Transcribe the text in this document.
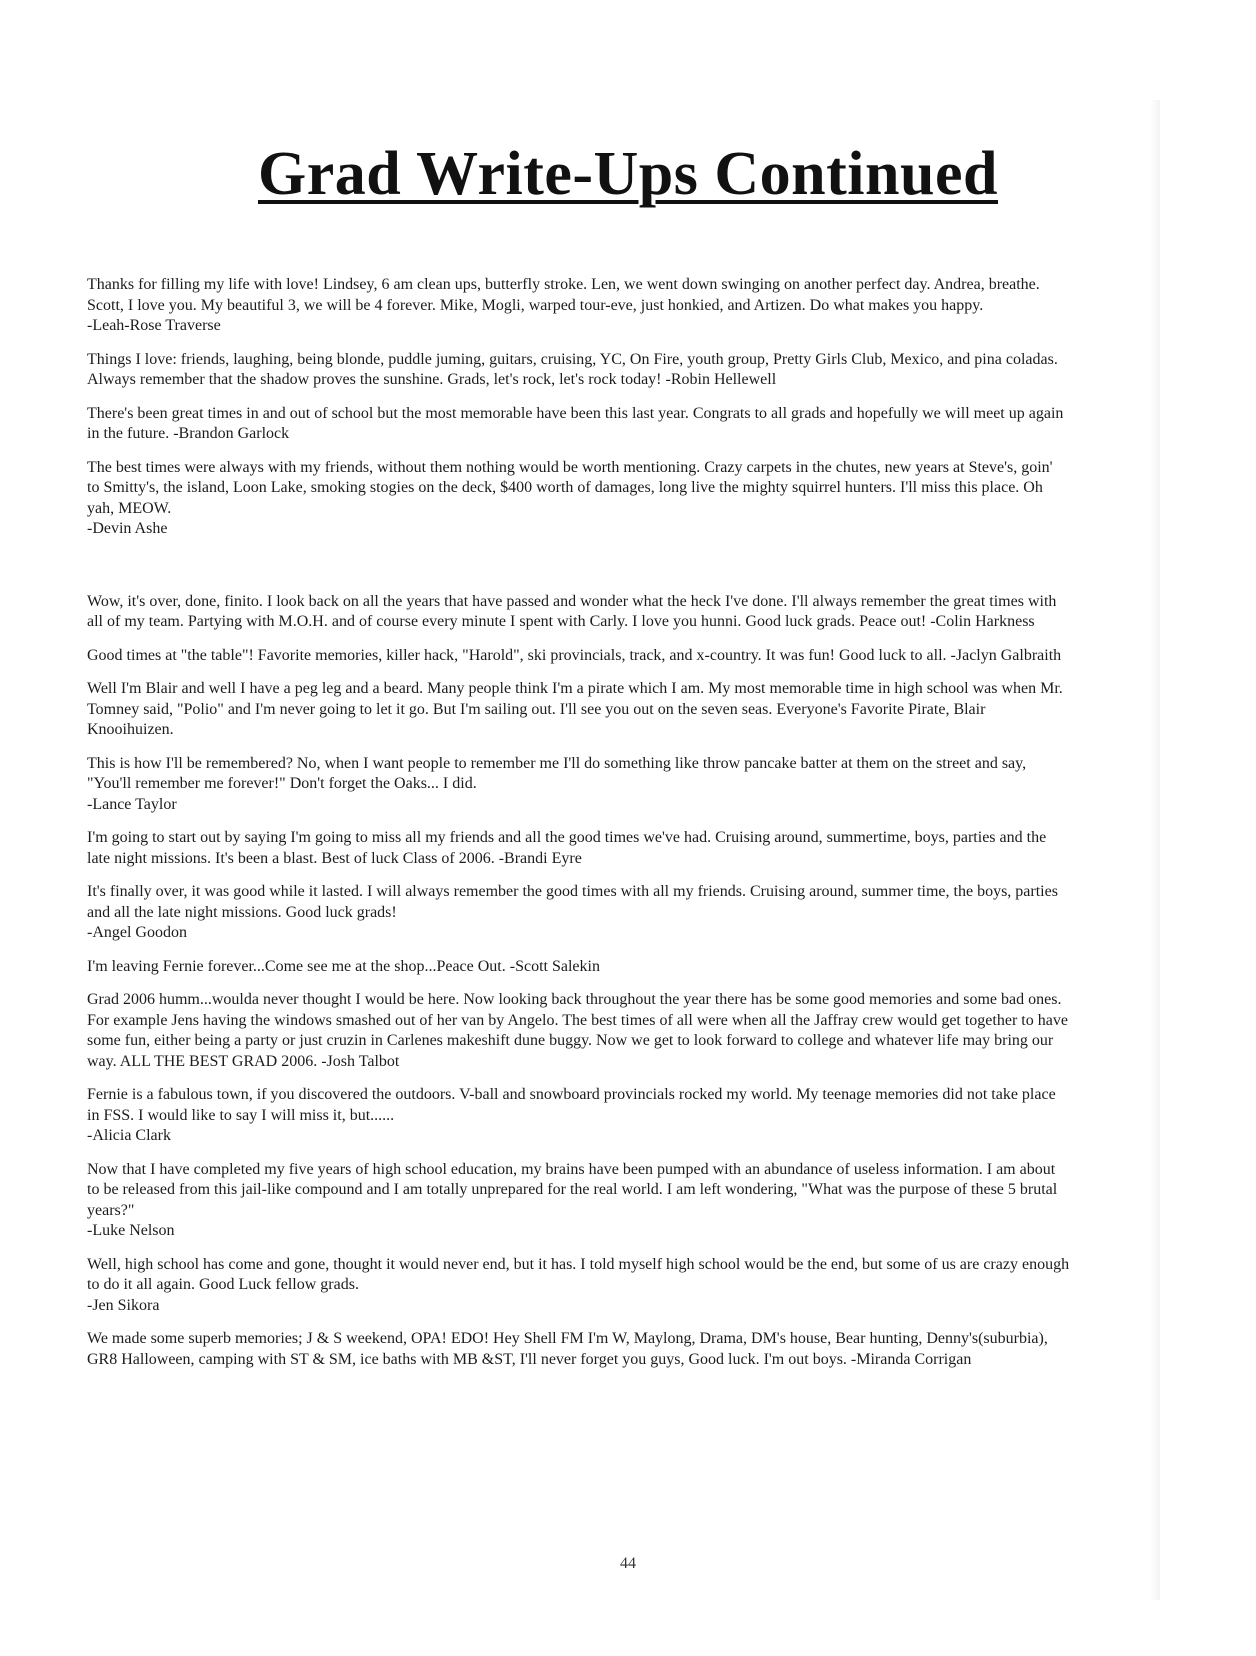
Grad Write-Ups Continued

Thanks for filling my life with love! Lindsey, 6 am clean ups, butterfly stroke. Len, we went down swinging on another perfect day. Andrea, breathe.
Scott, I love you. My beautiful 3, we will be 4 forever. Mike, Mogli, warped tour-eve, just honkied, and Artizen. Do what makes you happy.
-Leah-Rose Traverse

Things I love: friends, laughing, being blonde, puddle juming, guitars, cruising, YC, On Fire, youth group, Pretty Girls Club, Mexico, and pina coladas.
Always remember that the shadow proves the sunshine. Grads, let's rock, let's rock today! -Robin Hellewell

There's been great times in and out of school but the most memorable have been this last year. Congrats to all grads and hopefully we will meet up again
in the future. -Brandon Garlock

The best times were always with my friends, without them nothing would be worth mentioning. Crazy carpets in the chutes, new years at Steve's, goin'
to Smitty's, the island, Loon Lake, smoking stogies on the deck, $400 worth of damages, long live the mighty squirrel hunters. I'll miss this place. Oh
yah, MEOW.
-Devin Ashe

Wow, it's over, done, finito. I look back on all the years that have passed and wonder what the heck I've done. I'll always remember the great times with
all of my team. Partying with M.O.H. and of course every minute I spent with Carly. I love you hunni. Good luck grads. Peace out! -Colin Harkness

Good times at "the table"! Favorite memories, killer hack, "Harold", ski provincials, track, and x-country. It was fun! Good luck to all. -Jaclyn Galbraith

Well I'm Blair and well I have a peg leg and a beard. Many people think I'm a pirate which I am. My most memorable time in high school was when Mr.
Tomney said, "Polio" and I'm never going to let it go. But I'm sailing out. I'll see you out on the seven seas. Everyone's Favorite Pirate, Blair
Knooihuizen.

This is how I'll be remembered? No, when I want people to remember me I'll do something like throw pancake batter at them on the street and say,
"You'll remember me forever!" Don't forget the Oaks... I did.
-Lance Taylor

I'm going to start out by saying I'm going to miss all my friends and all the good times we've had. Cruising around, summertime, boys, parties and the
late night missions. It's been a blast. Best of luck Class of 2006. -Brandi Eyre

It's finally over, it was good while it lasted. I will always remember the good times with all my friends. Cruising around, summer time, the boys, parties
and all the late night missions. Good luck grads!
-Angel Goodon

I'm leaving Fernie forever...Come see me at the shop...Peace Out. -Scott Salekin

Grad 2006 humm...woulda never thought I would be here. Now looking back throughout the year there has be some good memories and some bad ones.
For example Jens having the windows smashed out of her van by Angelo. The best times of all were when all the Jaffray crew would get together to have
some fun, either being a party or just cruzin in Carlenes makeshift dune buggy. Now we get to look forward to college and whatever life may bring our
way. ALL THE BEST GRAD 2006. -Josh Talbot

Fernie is a fabulous town, if you discovered the outdoors. V-ball and snowboard provincials rocked my world. My teenage memories did not take place
in FSS. I would like to say I will miss it, but......
-Alicia Clark

Now that I have completed my five years of high school education, my brains have been pumped with an abundance of useless information. I am about
to be released from this jail-like compound and I am totally unprepared for the real world. I am left wondering, "What was the purpose of these 5 brutal
years?"
-Luke Nelson

Well, high school has come and gone, thought it would never end, but it has. I told myself high school would be the end, but some of us are crazy enough
to do it all again. Good Luck fellow grads.
-Jen Sikora

We made some superb memories; J & S weekend, OPA! EDO! Hey Shell FM I'm W, Maylong, Drama, DM's house, Bear hunting, Denny's(suburbia),
GR8 Halloween, camping with ST & SM, ice baths with MB &ST, I'll never forget you guys, Good luck. I'm out boys. -Miranda Corrigan

44
